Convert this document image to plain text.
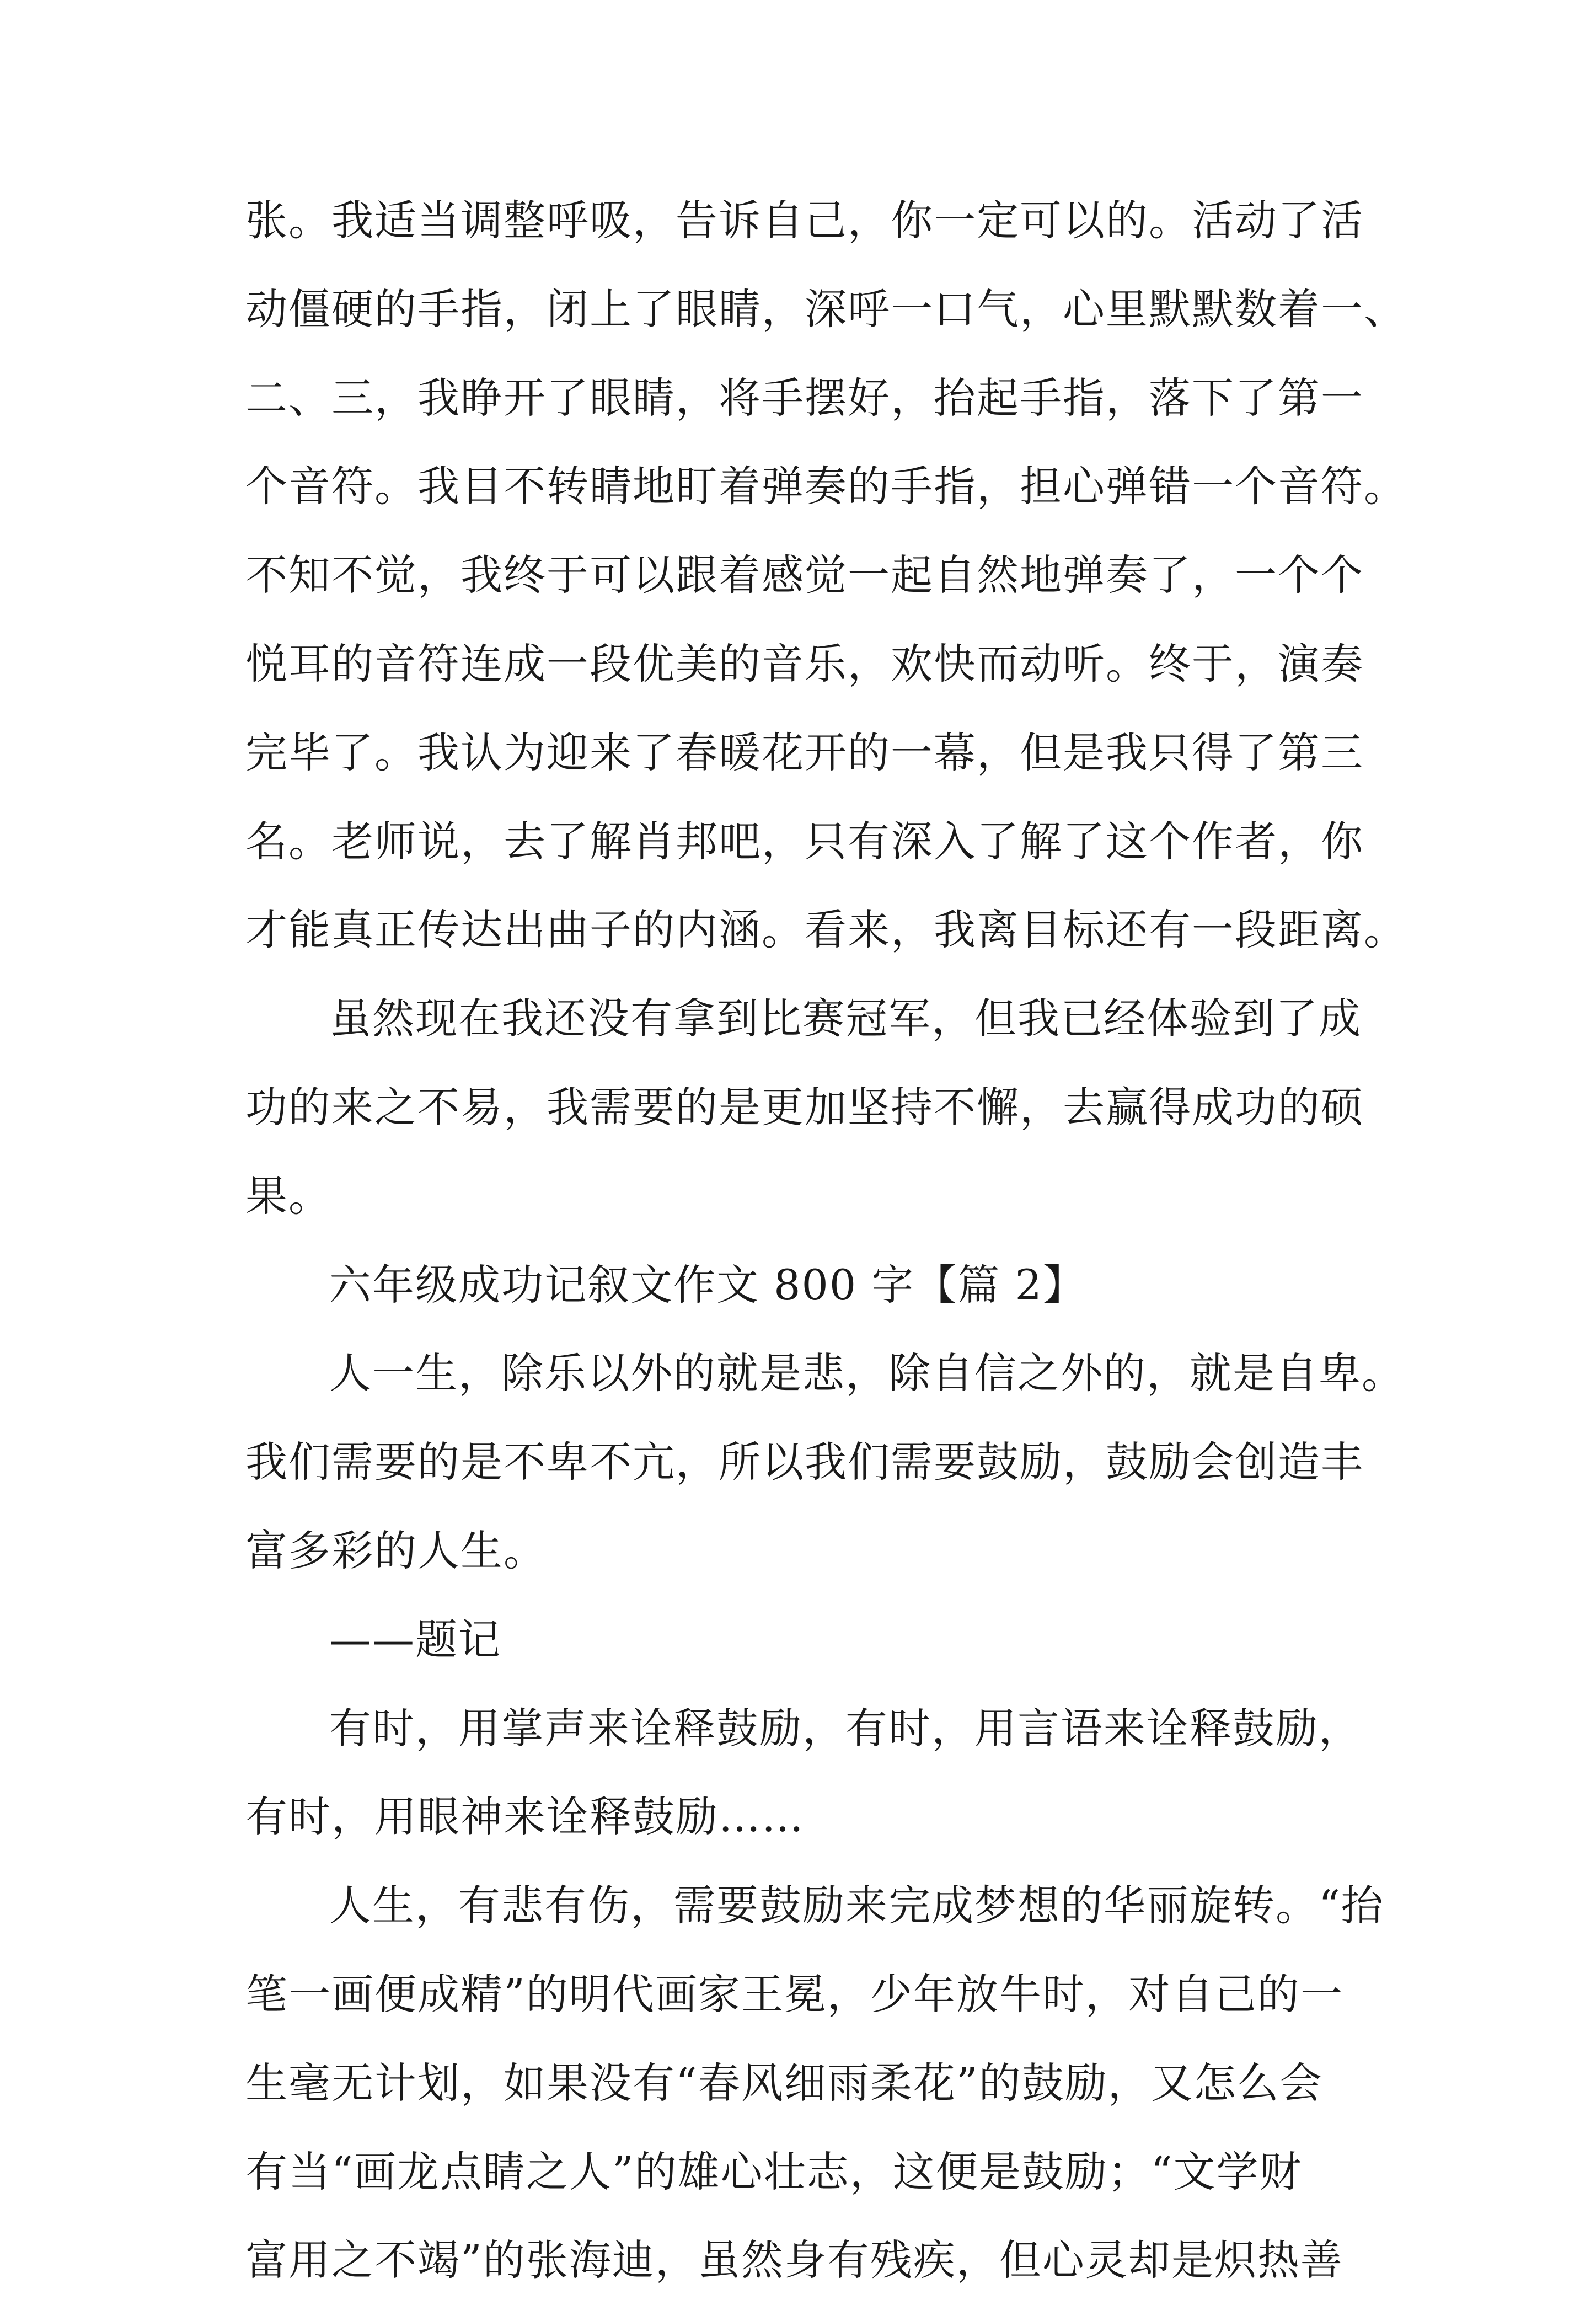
张。我适当调整呼吸，告诉自己，你一定可以的。活动了活
动僵硬的手指，闭上了眼睛，深呼一口气，心里默默数着一、
二、三，我睁开了眼睛，将手摆好，抬起手指，落下了第一
个音符。我目不转睛地盯着弹奏的手指，担心弹错一个音符。
不知不觉，我终于可以跟着感觉一起自然地弹奏了，一个个
悦耳的音符连成一段优美的音乐，欢快而动听。终于，演奏
完毕了。我认为迎来了春暖花开的一幕，但是我只得了第三
名。老师说，去了解肖邦吧，只有深入了解了这个作者，你
才能真正传达出曲子的内涵。看来，我离目标还有一段距离。
虽然现在我还没有拿到比赛冠军，但我已经体验到了成
功的来之不易，我需要的是更加坚持不懈，去赢得成功的硕
果。
六年级成功记叙文作文 800 字【篇 2】
人一生，除乐以外的就是悲，除自信之外的，就是自卑。
我们需要的是不卑不亢，所以我们需要鼓励，鼓励会创造丰
富多彩的人生。
——题记
有时，用掌声来诠释鼓励，有时，用言语来诠释鼓励，
有时，用眼神来诠释鼓励……
人生，有悲有伤，需要鼓励来完成梦想的华丽旋转。“抬
笔一画便成精”的明代画家王冕，少年放牛时，对自己的一
生毫无计划，如果没有“春风细雨柔花”的鼓励，又怎么会
有当“画龙点睛之人”的雄心壮志，这便是鼓励；“文学财
富用之不竭”的张海迪，虽然身有残疾，但心灵却是炽热善
